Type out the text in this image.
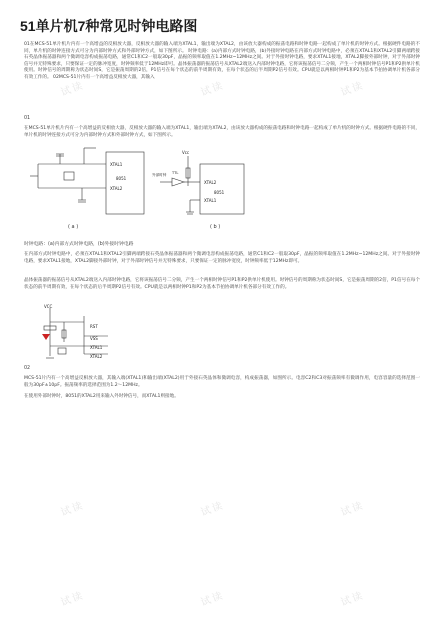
试读	试读	试读
试读	试读	试读
试读	试读	试读
51单片机7种常见时钟电路图
01在MCS-51单片机片内有一个高增益的反相放大器，反相放大器的输入端为XTAL1，输出端为XTAL2，由该放大器构成的振荡电路和时钟电路一起构成了单片机的时钟方式。根据硬件电路的不同，单片机的时钟连接方式可分为内部时钟方式和外部时钟方式，如下图所示。 时钟电路：(a)内部方式时钟电路，(b)外接时钟电路在内部方式时钟电路中，必须在XTAL1和XTAL2引脚两端跨接石英晶体振荡器和两个微调电容构成振荡电路，通常C1和C2一般取30pF，晶振的频率取值在1.2MHz~12MHz之间。对于外接时钟电路，要求XTAL1接地，XTAL2脚接外部时钟，对于外部时钟信号并无特殊要求，只要保证一定的脉冲宽度，时钟频率低于12MHz即可。晶体振荡器的振荡信号从XTAL2端送入内部时钟电路，它将该振荡信号二分频，产生一个两相时钟信号P1和P2供单片机使用。时钟信号的周期称为状态时间S，它是振荡周期的2倍，P1信号在每个状态的前半周期有效，在每个状态的后半周期P2信号有效。CPU就是以两相时钟P1和P2为基本节拍协调单片机各部分有效工作的。 02MCS-51片内有一个高增益反相放大器，其输入
01
在MCS-51单片机片内有一个高增益的反相放大器，反相放大器的输入端为XTAL1，输出端为XTAL2，由该放大器构成的振荡电路和时钟电路一起构成了单片机的时钟方式。根据硬件电路的不同，单片机的时钟连接方式可分为内部时钟方式和外部时钟方式，如下图所示。
XTAL1
XTAL2
8051
( a )
Vcc
外部时钟 TTL
XTAL2
XTAL1
8051
( b )
时钟电路：(a)内部方式时钟电路，(b)外接时钟电路
在内部方式时钟电路中，必须在XTAL1和XTAL2引脚两端跨接石英晶体振荡器和两个微调电容构成振荡电路，通常C1和C2一般取30pF，晶振的频率取值在1.2MHz~12MHz之间。对于外接时钟电路，要求XTAL1接地，XTAL2脚接外部时钟，对于外部时钟信号并无特殊要求，只要保证一定的脉冲宽度，时钟频率低于12MHz即可。
晶体振荡器的振荡信号从XTAL2端送入内部时钟电路，它将该振荡信号二分频，产生一个两相时钟信号P1和P2供单片机使用。时钟信号的周期称为状态时间S，它是振荡周期的2倍，P1信号在每个状态的前半周期有效，在每个状态的后半周期P2信号有效。CPU就是以两相时钟P1和P2为基本节拍协调单片机各部分有效工作的。
VCC
RST
VSS
XTAL1
XTAL2
02
MCS-51片内有一个高增益反相放大器，其输入端(XTAL1)和输出端(XTAL2)用于外接石英晶体和微调电容，构成振荡器，如图所示。电容C2和C3对振荡频率有微调作用，电容容量的选择范围一般为30pF±10pF。振荡频率的选择范围为1.2～12MHz。
在使用外部时钟时，8051的XTAL2用来输入外时钟信号，而XTAL1则接地。
